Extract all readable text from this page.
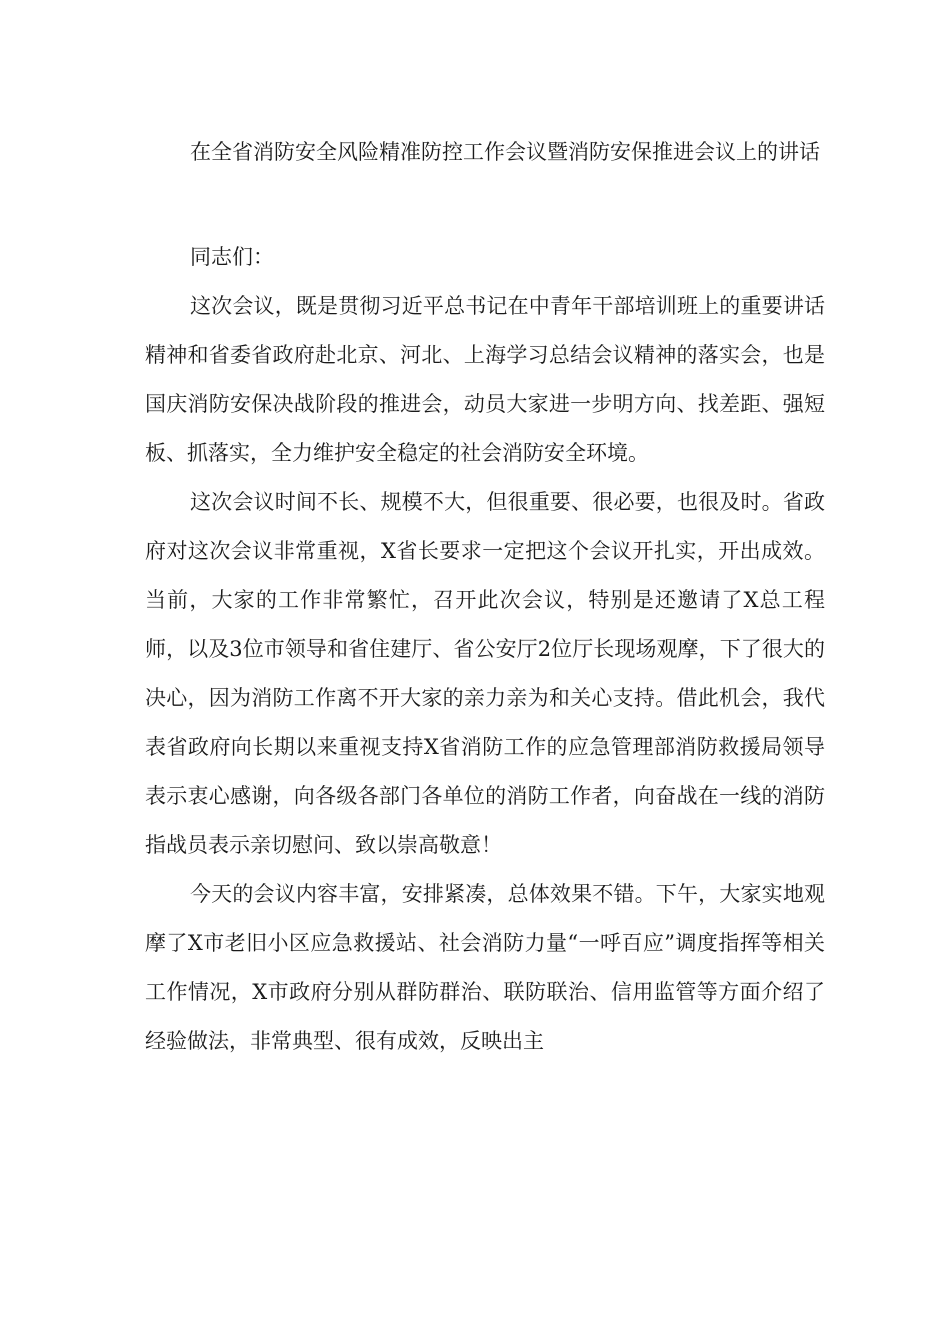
在全省消防安全风险精准防控工作会议暨消防安保推进会议上的讲话

同志们：

这次会议，既是贯彻习近平总书记在中青年干部培训班上的重要讲话精神和省委省政府赴北京、河北、上海学习总结会议精神的落实会，也是国庆消防安保决战阶段的推进会，动员大家进一步明方向、找差距、强短板、抓落实，全力维护安全稳定的社会消防安全环境。

这次会议时间不长、规模不大，但很重要、很必要，也很及时。省政府对这次会议非常重视，X省长要求一定把这个会议开扎实，开出成效。当前，大家的工作非常繁忙，召开此次会议，特别是还邀请了X总工程师，以及3位市领导和省住建厅、省公安厅2位厅长现场观摩，下了很大的决心，因为消防工作离不开大家的亲力亲为和关心支持。借此机会，我代表省政府向长期以来重视支持X省消防工作的应急管理部消防救援局领导表示衷心感谢，向各级各部门各单位的消防工作者，向奋战在一线的消防指战员表示亲切慰问、致以崇高敬意！

今天的会议内容丰富，安排紧凑，总体效果不错。下午，大家实地观摩了X市老旧小区应急救援站、社会消防力量“一呼百应”调度指挥等相关工作情况，X市政府分别从群防群治、联防联治、信用监管等方面介绍了经验做法，非常典型、很有成效，反映出主
